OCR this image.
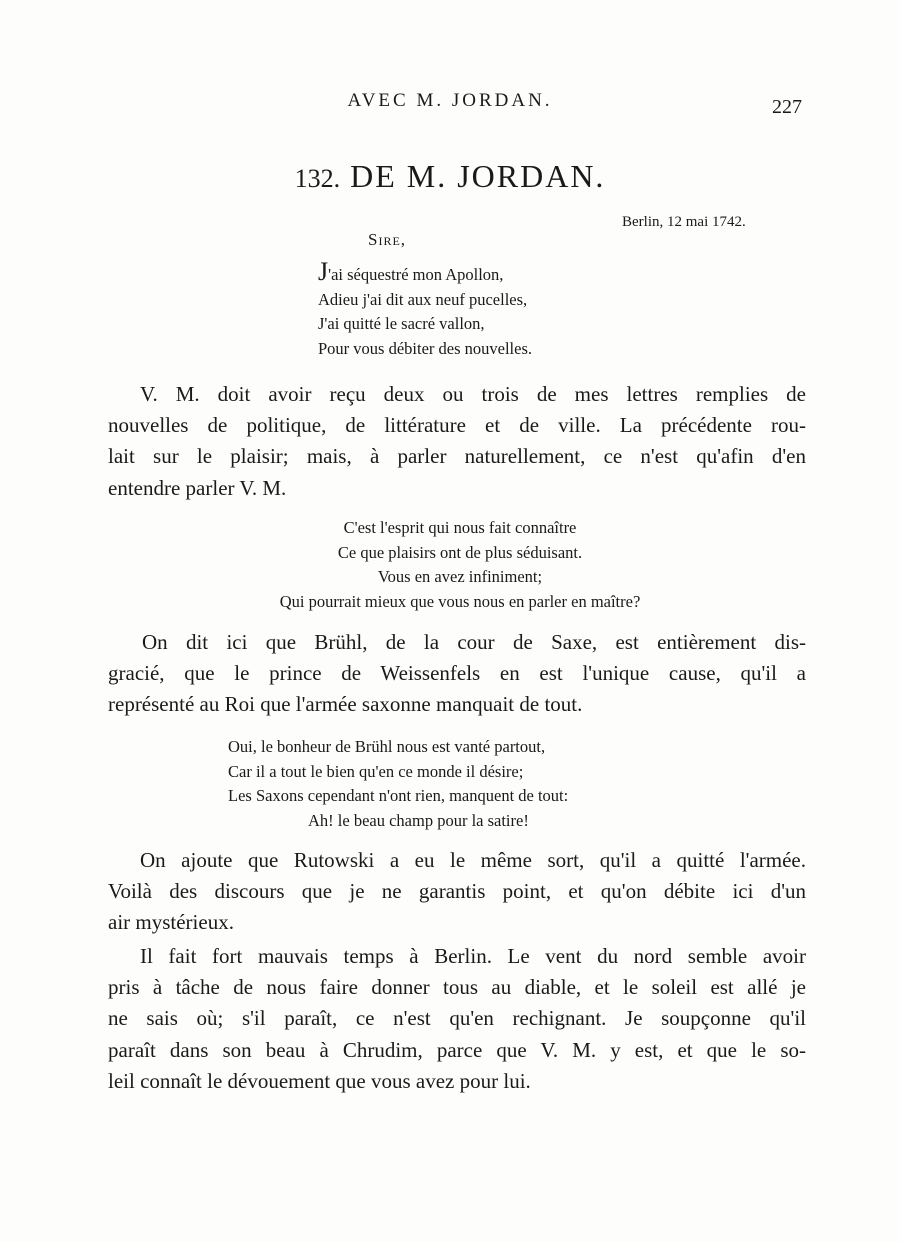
AVEC M. JORDAN.	227
132. DE M. JORDAN.
Berlin, 12 mai 1742.
Sire,
J'ai séquestré mon Apollon,
Adieu j'ai dit aux neuf pucelles,
J'ai quitté le sacré vallon,
Pour vous débiter des nouvelles.
V. M. doit avoir reçu deux ou trois de mes lettres remplies de
nouvelles de politique, de littérature et de ville. La précédente rou-
lait sur le plaisir; mais, à parler naturellement, ce n'est qu'afin d'en
entendre parler V. M.
C'est l'esprit qui nous fait connaître
Ce que plaisirs ont de plus séduisant.
Vous en avez infiniment;
Qui pourrait mieux que vous nous en parler en maître?
On dit ici que Brühl, de la cour de Saxe, est entièrement dis-
gracié, que le prince de Weissenfels en est l'unique cause, qu'il a
représenté au Roi que l'armée saxonne manquait de tout.
Oui, le bonheur de Brühl nous est vanté partout,
Car il a tout le bien qu'en ce monde il désire;
Les Saxons cependant n'ont rien, manquent de tout:
Ah! le beau champ pour la satire!
On ajoute que Rutowski a eu le même sort, qu'il a quitté l'armée.
Voilà des discours que je ne garantis point, et qu'on débite ici d'un
air mystérieux.
Il fait fort mauvais temps à Berlin. Le vent du nord semble avoir
pris à tâche de nous faire donner tous au diable, et le soleil est allé je
ne sais où; s'il paraît, ce n'est qu'en rechignant. Je soupçonne qu'il
paraît dans son beau à Chrudim, parce que V. M. y est, et que le so-
leil connaît le dévouement que vous avez pour lui.
